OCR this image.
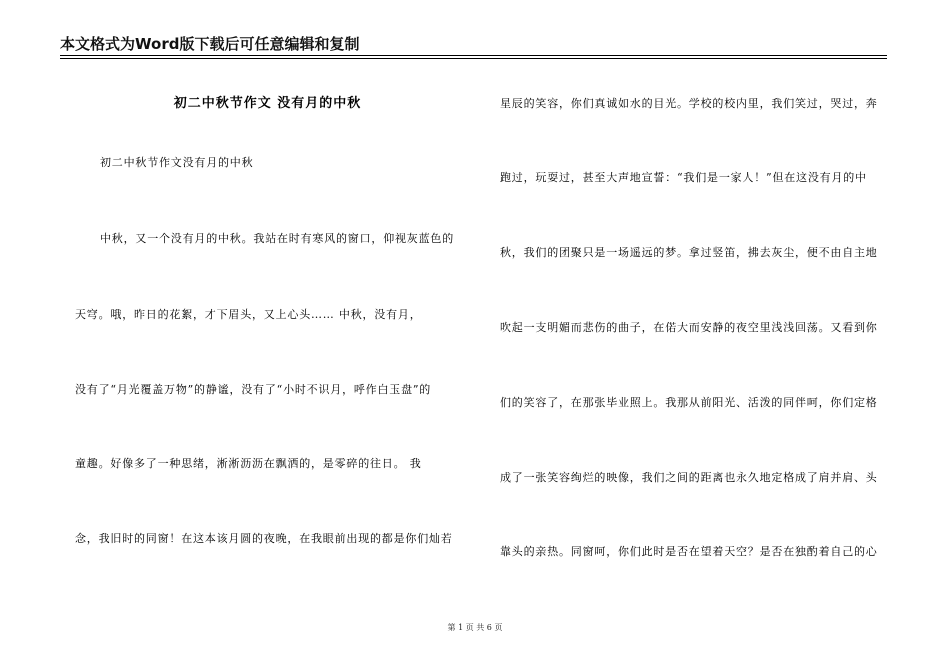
本文格式为Word版下载后可任意编辑和复制
初二中秋节作文 没有月的中秋
初二中秋节作文没有月的中秋
中秋，又一个没有月的中秋。我站在时有寒风的窗口，仰视灰蓝色的
天穹。哦，昨日的花絮，才下眉头，又上心头…… 中秋，没有月，
没有了“月光覆盖万物”的静谧，没有了“小时不识月，呼作白玉盘”的
童趣。好像多了一种思绪，淅淅沥沥在飘洒的，是零碎的往日。 我
念，我旧时的同窗！在这本该月圆的夜晚，在我眼前出现的都是你们灿若
星辰的笑容，你们真诚如水的目光。学校的校内里，我们笑过，哭过，奔
跑过，玩耍过，甚至大声地宣誓：“我们是一家人！”但在这没有月的中
秋，我们的团聚只是一场遥远的梦。拿过竖笛，拂去灰尘，便不由自主地
吹起一支明媚而悲伤的曲子，在偌大而安静的夜空里浅浅回荡。又看到你
们的笑容了，在那张毕业照上。我那从前阳光、活泼的同伴呵，你们定格
成了一张笑容绚烂的映像，我们之间的距离也永久地定格成了肩并肩、头
靠头的亲热。同窗呵，你们此时是否在望着天空？是否在独酌着自己的心
第 1 页 共 6 页
